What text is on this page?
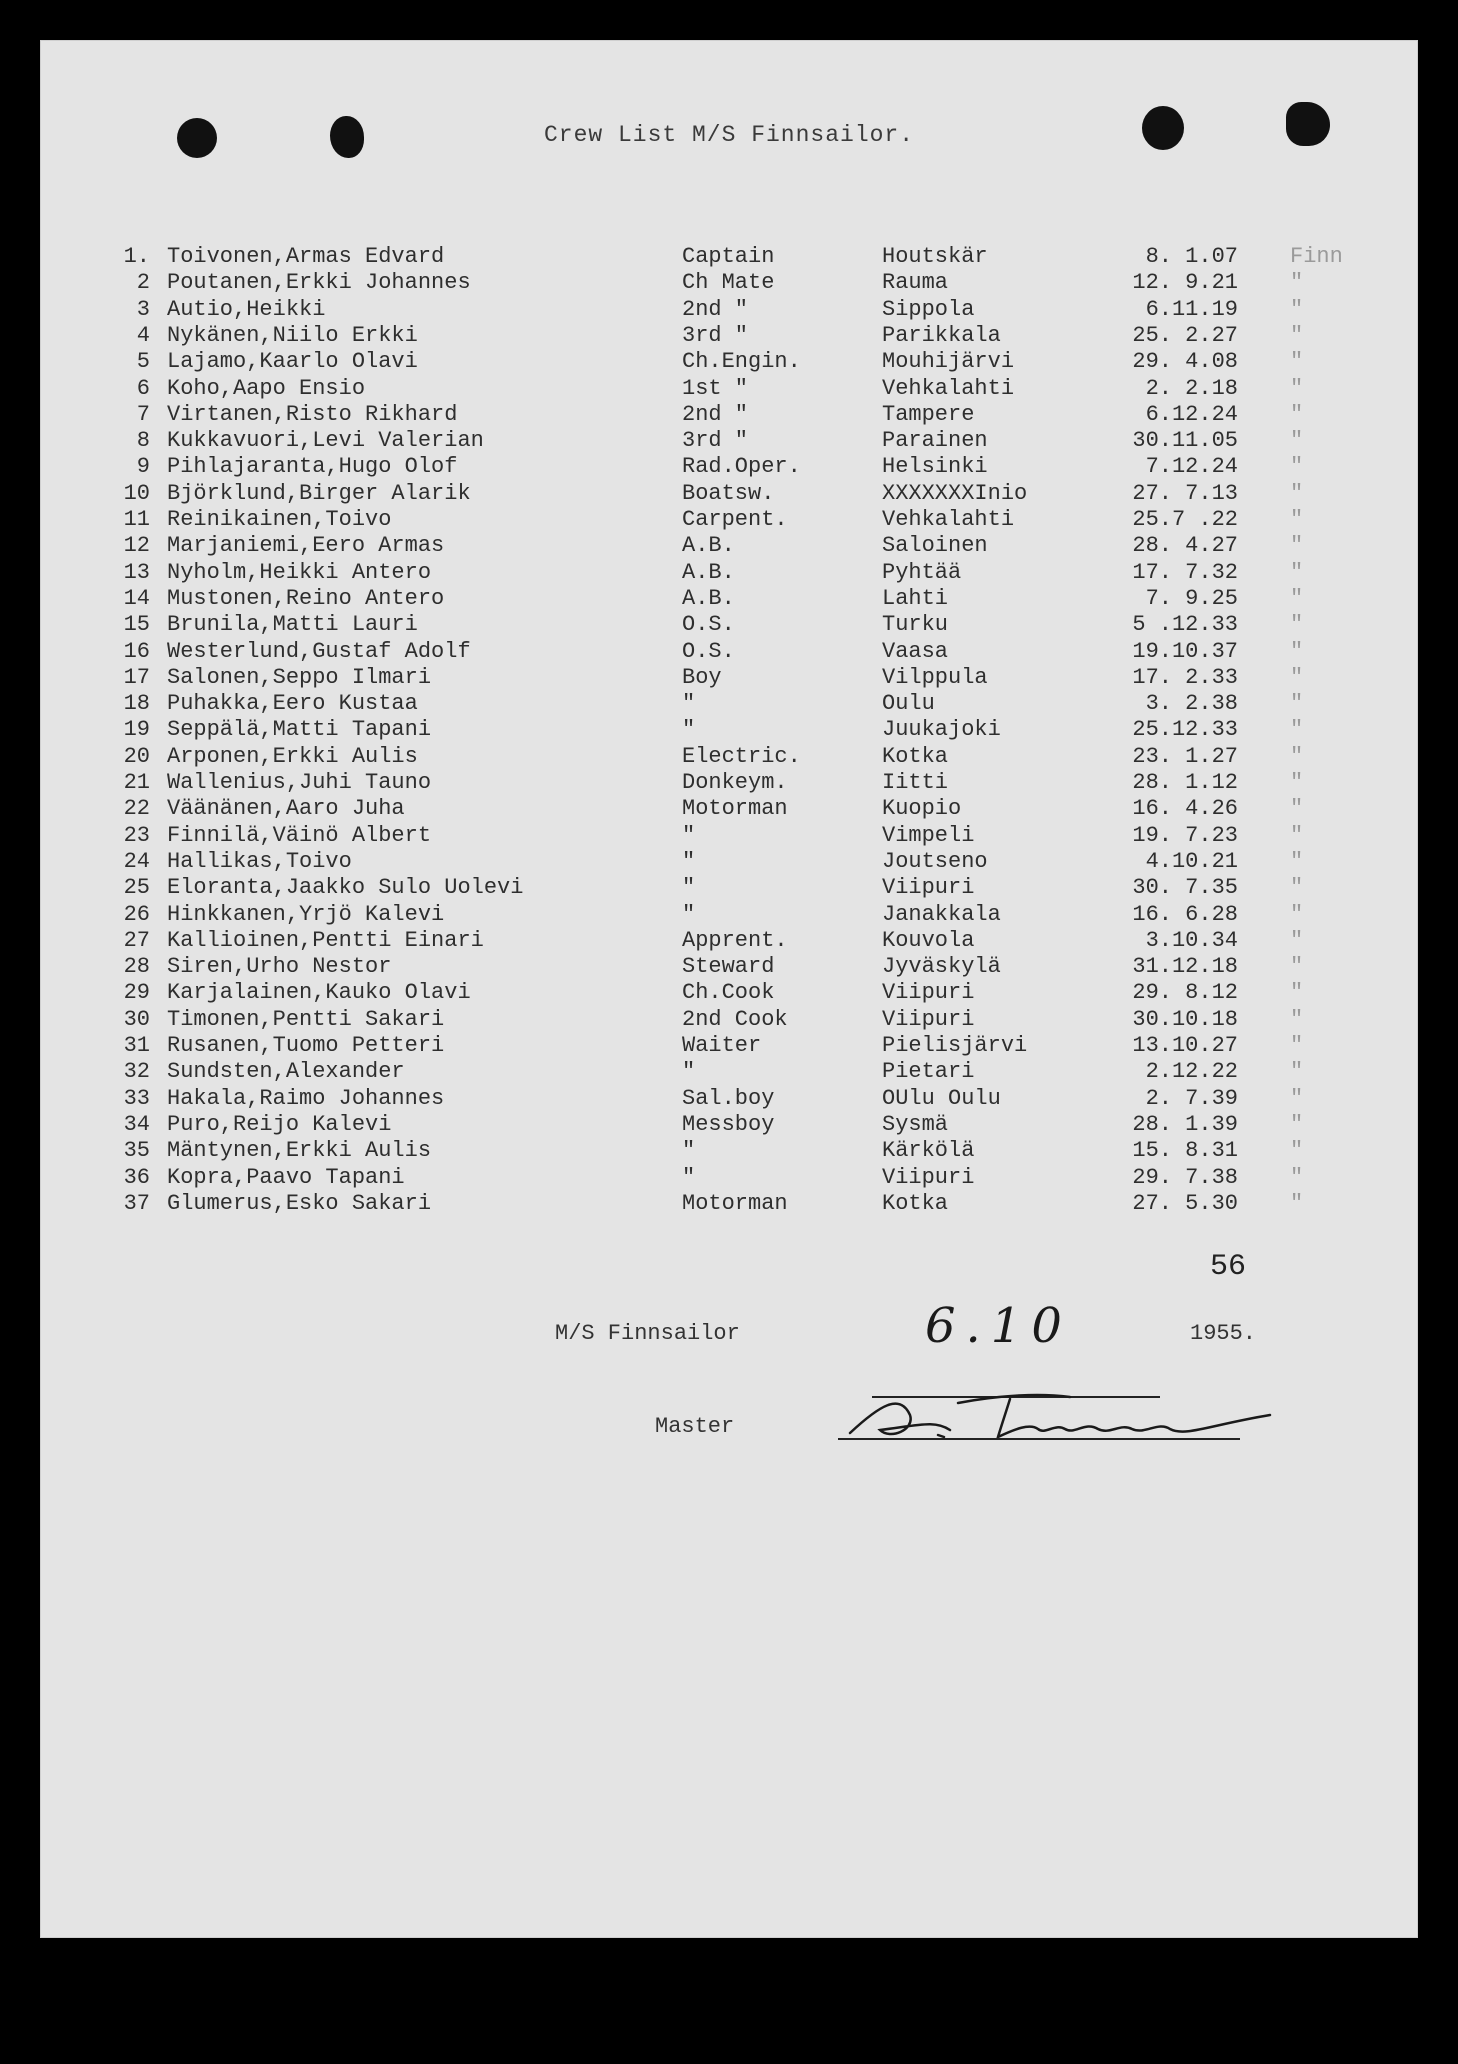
Crew List M/S Finnsailor.
1. Toivonen,Armas Edvard	Captain	Houtskär	8. 1.07 Finn
2 Poutanen,Erkki Johannes	Ch Mate	Rauma	12. 9.21 "
3 Autio,Heikki	2nd "	Sippola	6.11.19 "
4 Nykänen,Niilo Erkki	3rd "	Parikkala	25. 2.27 "
5 Lajamo,Kaarlo Olavi	Ch.Engin.	Mouhijärvi	29. 4.08 "
6 Koho,Aapo Ensio	1st "	Vehkalahti	2. 2.18 "
7 Virtanen,Risto Rikhard	2nd "	Tampere	6.12.24 "
8 Kukkavuori,Levi Valerian	3rd "	Parainen	30.11.05 "
9 Pihlajaranta,Hugo Olof	Rad.Oper.	Helsinki	7.12.24 "
10 Björklund,Birger Alarik	Boatsw.	XXXXXXXInio	27. 7.13 "
11 Reinikainen,Toivo	Carpent.	Vehkalahti	25.7 .22 "
12 Marjaniemi,Eero Armas	A.B.	Saloinen	28. 4.27 "
13 Nyholm,Heikki Antero	A.B.	Pyhtää	17. 7.32 "
14 Mustonen,Reino Antero	A.B.	Lahti	7. 9.25 "
15 Brunila,Matti Lauri	O.S.	Turku	5 .12.33 "
16 Westerlund,Gustaf Adolf	O.S.	Vaasa	19.10.37 "
17 Salonen,Seppo Ilmari	Boy	Vilppula	17. 2.33 "
18 Puhakka,Eero Kustaa	"	Oulu	3. 2.38 "
19 Seppälä,Matti Tapani	"	Juukajoki	25.12.33 "
20 Arponen,Erkki Aulis	Electric.	Kotka	23. 1.27 "
21 Wallenius,Juhi Tauno	Donkeym.	Iitti	28. 1.12 "
22 Väänänen,Aaro Juha	Motorman	Kuopio	16. 4.26 "
23 Finnilä,Väinö Albert	"	Vimpeli	19. 7.23 "
24 Hallikas,Toivo	"	Joutseno	4.10.21 "
25 Eloranta,Jaakko Sulo Uolevi	"	Viipuri	30. 7.35 "
26 Hinkkanen,Yrjö Kalevi	"	Janakkala	16. 6.28 "
27 Kallioinen,Pentti Einari	Apprent.	Kouvola	3.10.34 "
28 Siren,Urho Nestor	Steward	Jyväskylä	31.12.18 "
29 Karjalainen,Kauko Olavi	Ch.Cook	Viipuri	29. 8.12 "
30 Timonen,Pentti Sakari	2nd Cook	Viipuri	30.10.18 "
31 Rusanen,Tuomo Petteri	Waiter	Pielisjärvi	13.10.27 "
32 Sundsten,Alexander	"	Pietari	2.12.22 "
33 Hakala,Raimo Johannes	Sal.boy	OUlu Oulu	2. 7.39 "
34 Puro,Reijo Kalevi	Messboy	Sysmä	28. 1.39 "
35 Mäntynen,Erkki Aulis	"	Kärkölä	15. 8.31 "
36 Kopra,Paavo Tapani	"	Viipuri	29. 7.38 "
37 Glumerus,Esko Sakari	Motorman	Kotka	27. 5.30 "
56
M/S Finnsailor	6.10	1955.
Master
